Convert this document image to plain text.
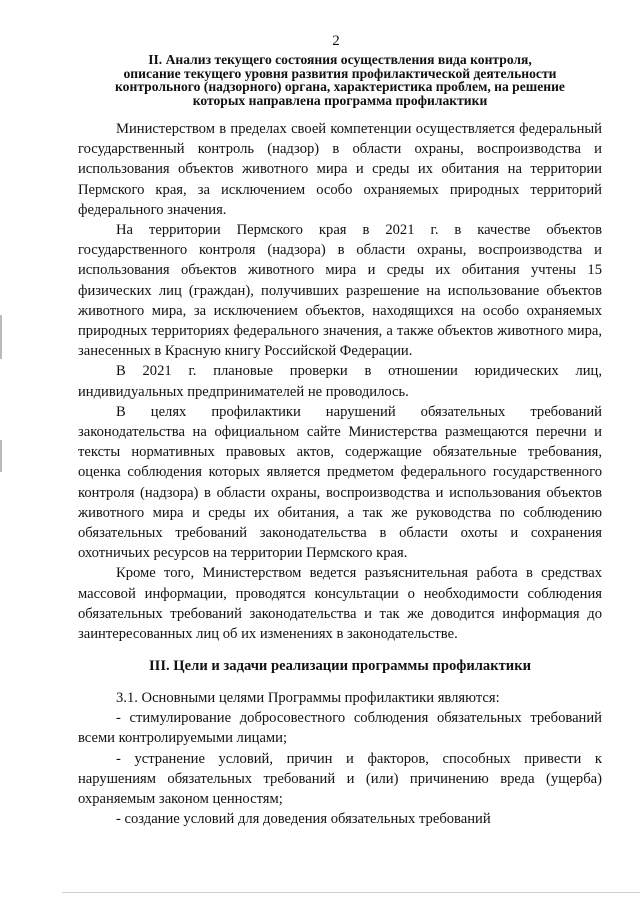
2
II. Анализ текущего состояния осуществления вида контроля,
описание текущего уровня развития профилактической деятельности
контрольного (надзорного) органа, характеристика проблем, на решение
которых направлена программа профилактики

Министерством в пределах своей компетенции осуществляется федеральный государственный контроль (надзор) в области охраны, воспроизводства и использования объектов животного мира и среды их обитания на территории Пермского края, за исключением особо охраняемых природных территорий федерального значения.

На территории Пермского края в 2021 г. в качестве объектов государственного контроля (надзора) в области охраны, воспроизводства и использования объектов животного мира и среды их обитания учтены 15 физических лиц (граждан), получивших разрешение на использование объектов животного мира, за исключением объектов, находящихся на особо охраняемых природных территориях федерального значения, а также объектов животного мира, занесенных в Красную книгу Российской Федерации.

В 2021 г. плановые проверки в отношении юридических лиц, индивидуальных предпринимателей не проводилось.

В целях профилактики нарушений обязательных требований законодательства на официальном сайте Министерства размещаются перечни и тексты нормативных правовых актов, содержащие обязательные требования, оценка соблюдения которых является предметом федерального государственного контроля (надзора) в области охраны, воспроизводства и использования объектов животного мира и среды их обитания, а так же руководства по соблюдению обязательных требований законодательства в области охоты и сохранения охотничьих ресурсов на территории Пермского края.

Кроме того, Министерством ведется разъяснительная работа в средствах массовой информации, проводятся консультации о необходимости соблюдения обязательных требований законодательства и так же доводится информация до заинтересованных лиц об их изменениях в законодательстве.

III. Цели и задачи реализации программы профилактики

3.1. Основными целями Программы профилактики являются:

- стимулирование добросовестного соблюдения обязательных требований всеми контролируемыми лицами;

- устранение условий, причин и факторов, способных привести к нарушениям обязательных требований и (или) причинению вреда (ущерба) охраняемым законом ценностям;

- создание условий для доведения обязательных требований
